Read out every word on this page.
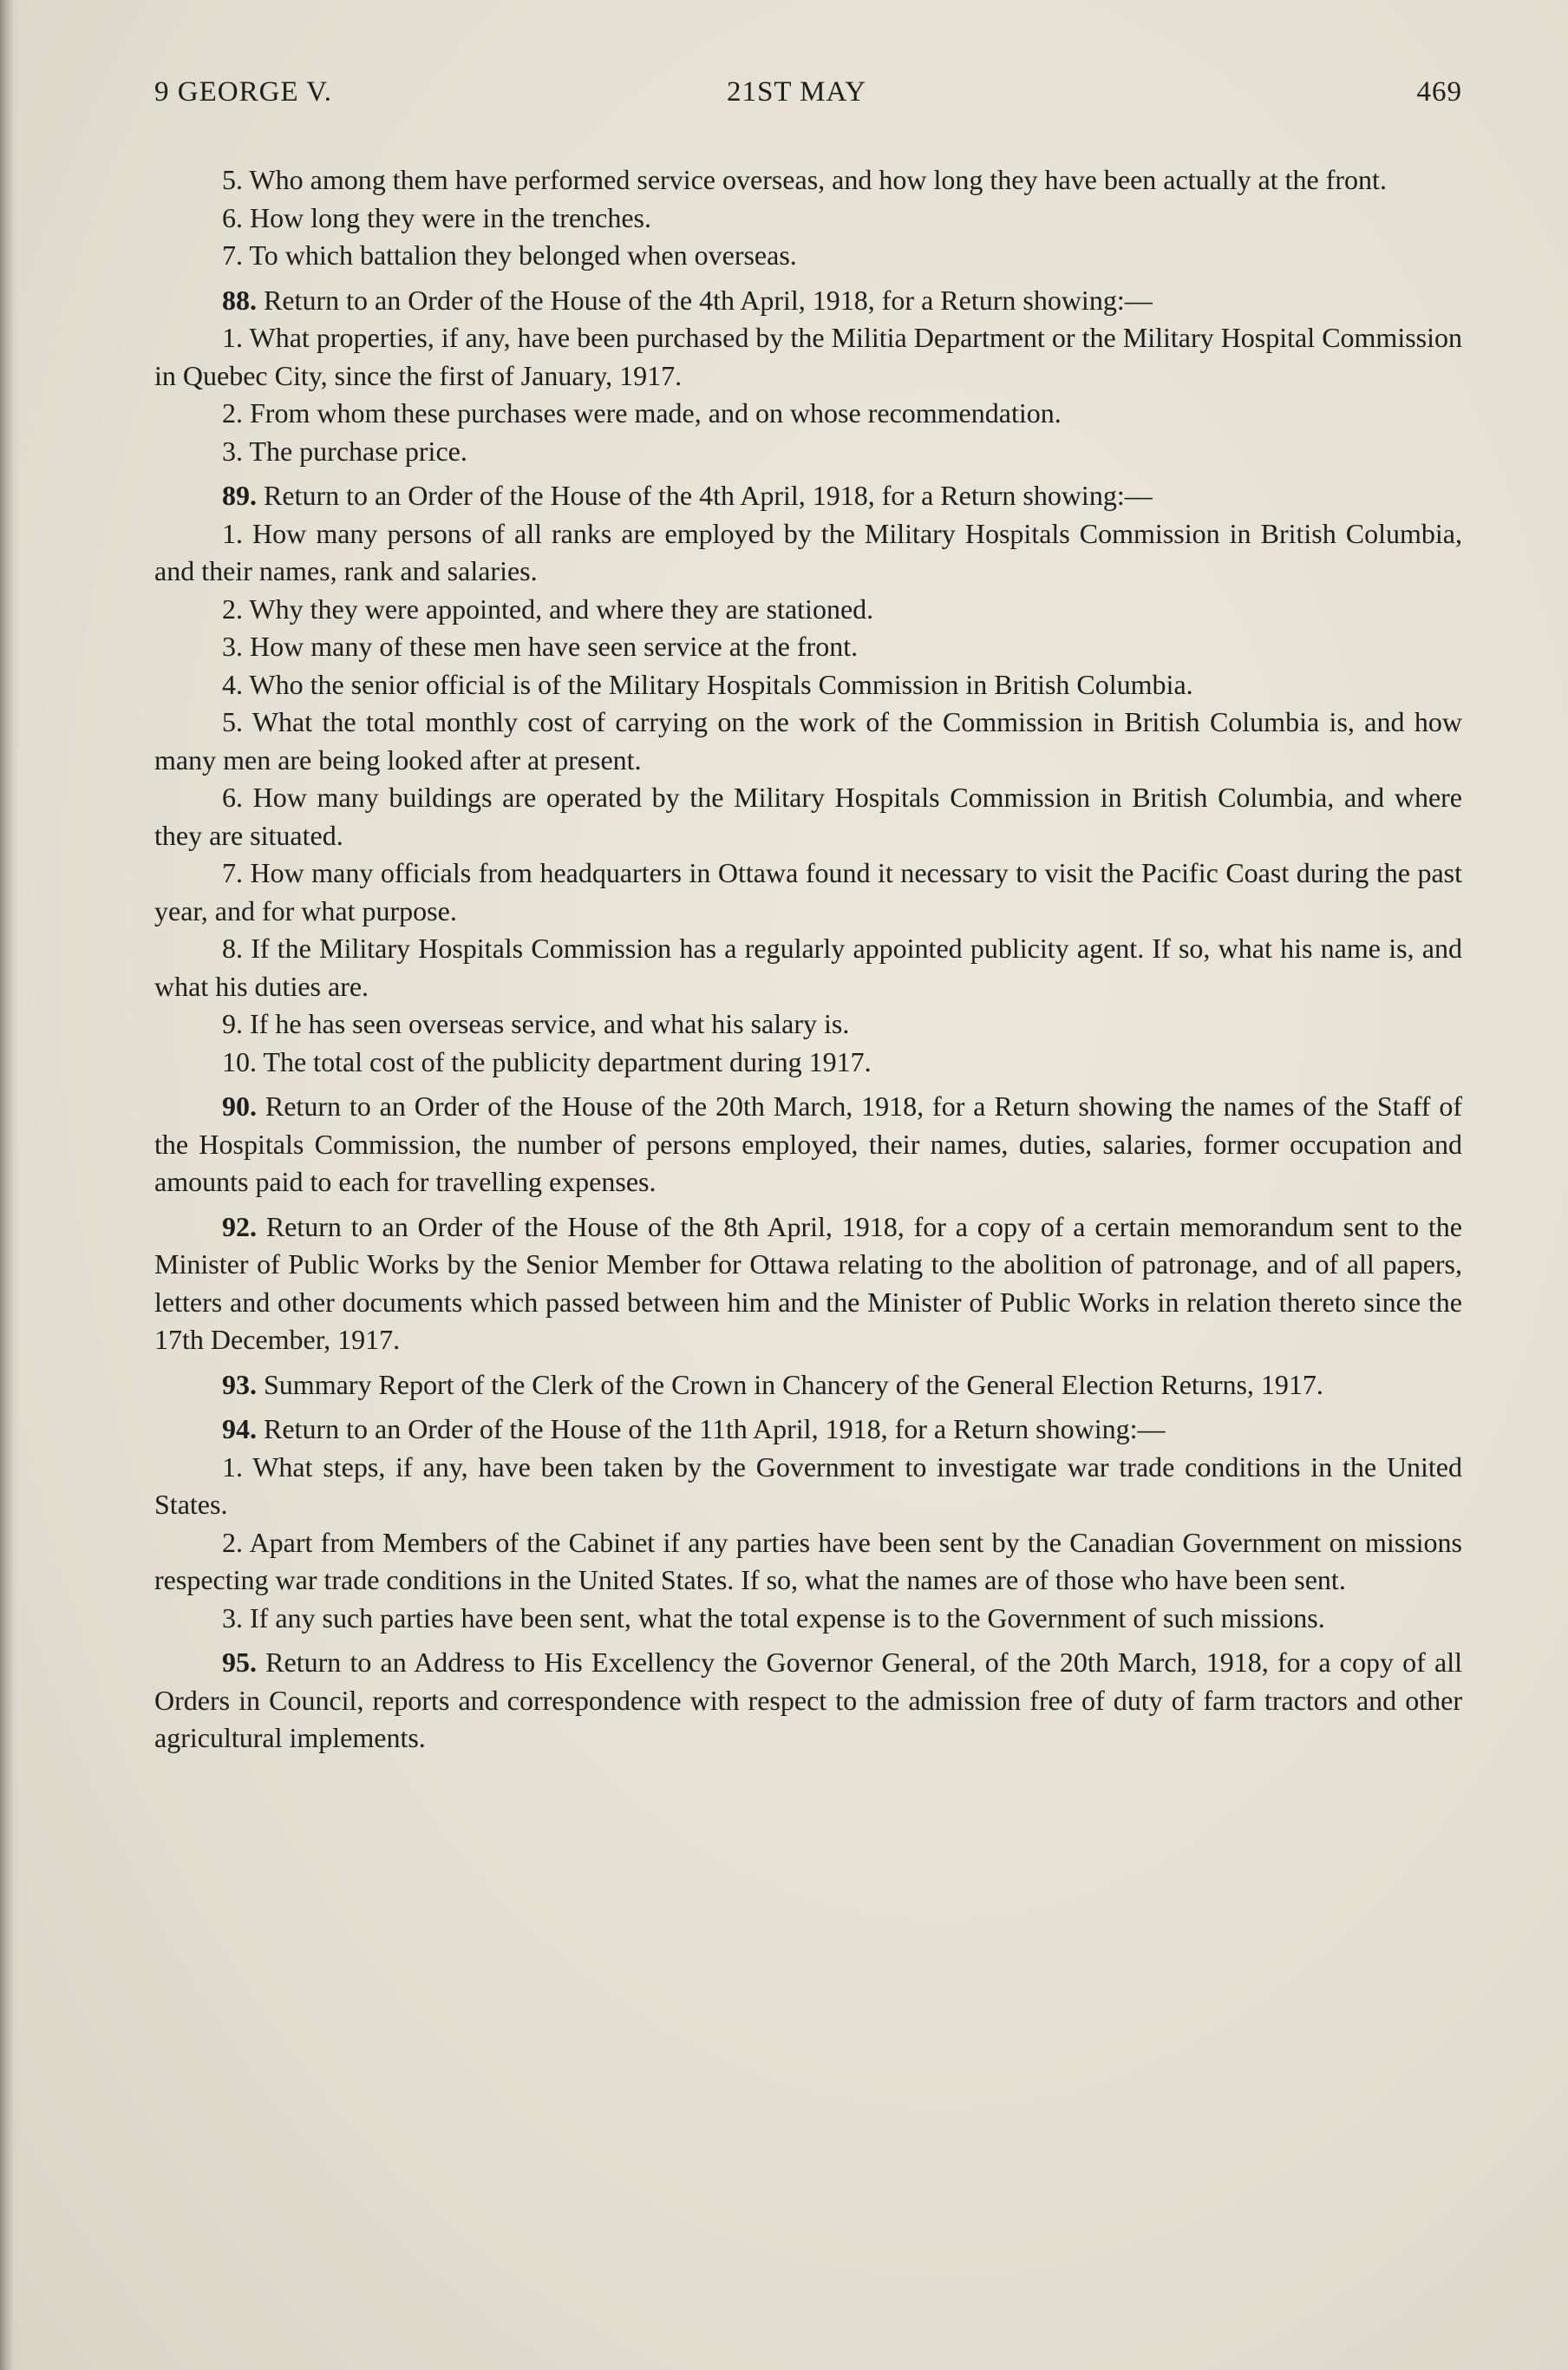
9 GEORGE V.	21ST MAY	469

5. Who among them have performed service overseas, and how long they have been actually at the front.

6. How long they were in the trenches.

7. To which battalion they belonged when overseas.

88. Return to an Order of the House of the 4th April, 1918, for a Return showing:—

1. What properties, if any, have been purchased by the Militia Department or the Military Hospital Commission in Quebec City, since the first of January, 1917.

2. From whom these purchases were made, and on whose recommendation.

3. The purchase price.

89. Return to an Order of the House of the 4th April, 1918, for a Return showing:—

1. How many persons of all ranks are employed by the Military Hospitals Commission in British Columbia, and their names, rank and salaries.

2. Why they were appointed, and where they are stationed.

3. How many of these men have seen service at the front.

4. Who the senior official is of the Military Hospitals Commission in British Columbia.

5. What the total monthly cost of carrying on the work of the Commission in British Columbia is, and how many men are being looked after at present.

6. How many buildings are operated by the Military Hospitals Commission in British Columbia, and where they are situated.

7. How many officials from headquarters in Ottawa found it necessary to visit the Pacific Coast during the past year, and for what purpose.

8. If the Military Hospitals Commission has a regularly appointed publicity agent. If so, what his name is, and what his duties are.

9. If he has seen overseas service, and what his salary is.

10. The total cost of the publicity department during 1917.

90. Return to an Order of the House of the 20th March, 1918, for a Return showing the names of the Staff of the Hospitals Commission, the number of persons employed, their names, duties, salaries, former occupation and amounts paid to each for travelling expenses.

92. Return to an Order of the House of the 8th April, 1918, for a copy of a certain memorandum sent to the Minister of Public Works by the Senior Member for Ottawa relating to the abolition of patronage, and of all papers, letters and other documents which passed between him and the Minister of Public Works in relation thereto since the 17th December, 1917.

93. Summary Report of the Clerk of the Crown in Chancery of the General Election Returns, 1917.

94. Return to an Order of the House of the 11th April, 1918, for a Return showing:—

1. What steps, if any, have been taken by the Government to investigate war trade conditions in the United States.

2. Apart from Members of the Cabinet if any parties have been sent by the Canadian Government on missions respecting war trade conditions in the United States. If so, what the names are of those who have been sent.

3. If any such parties have been sent, what the total expense is to the Government of such missions.

95. Return to an Address to His Excellency the Governor General, of the 20th March, 1918, for a copy of all Orders in Council, reports and correspondence with respect to the admission free of duty of farm tractors and other agricultural implements.
